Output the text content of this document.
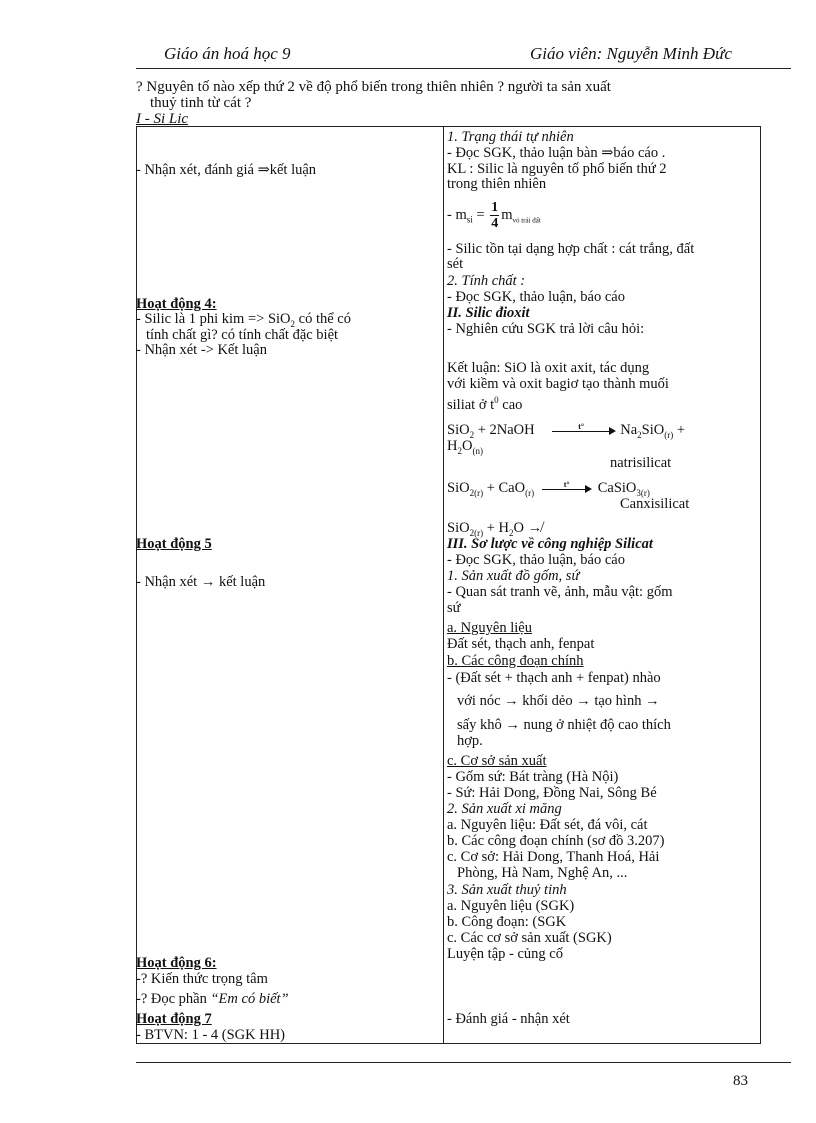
Giáo án hoá học 9	Giáo viên: Nguyễn Minh Đức
? Nguyên tố nào xếp thứ 2 về độ phổ biến trong thiên nhiên ? người ta sản xuất
thuỷ tinh từ cát ?
I - Si Lic
- Nhận xét, đánh giá ⇒kết luận
Hoạt động 4:
- Silic là 1 phi kim => SiO$_2$ có thể có
tính chất gì? có tính chất đặc biệt
- Nhận xét -> Kết luận
Hoạt động 5
- Nhận xét → kết luận
Hoạt động 6:
-? Kiến thức trọng tâm
-? Đọc phần “Em có biết”
Hoạt động 7
- BTVN: 1 - 4 (SGK HH)
1. Trạng thái tự nhiên
- Đọc SGK, thảo luận bàn ⇒báo cáo .
KL : Silic là nguyên tố phổ biến thứ 2
trong thiên nhiên
- $m_{si} = \frac{1}{4} m_{vỏ trái đất}$
- Silic tồn tại dạng hợp chất : cát trắng, đất
sét
2. Tính chất :
- Đọc SGK, thảo luận, báo cáo
II. Silic đioxit
- Nghiên cứu SGK trả lời câu hỏi:
Kết luận: SiO là oxit axit, tác dụng
với kiềm và oxit bagiơ tạo thành muối
siliat ở $t^0$ cao
SiO$_2$ + 2NaOH	t° $Na_2SiO_{(r)}$ +
$H_2O_{(n)}$
natrisilicat
SiO$_{2(r)}$ + CaO$_{(r)}$
t° CaSiO$_{3(r)}$
Canxisilicat
$SiO_{2(r)} + H_2O$ ↛
III. Sơ lược về công nghiệp Silicat
- Đọc SGK, thảo luận, báo cáo
1. Sản xuất đồ gốm, sứ
- Quan sát tranh vẽ, ảnh, mẫu vật: gốm
sứ
a. Nguyên liệu
Đất sét, thạch anh, fenpat
b. Các công đoạn chính
- (Đất sét + thạch anh + fenpat) nhào
với nóc → khối dẻo → tạo hình →
sấy khô → nung ở nhiệt độ cao thích
hợp.
c. Cơ sở sản xuất
- Gốm sứ: Bát tràng (Hà Nội)
- Sứ: Hải Dong, Đồng Nai, Sông Bé
2. Sản xuất xi măng
a. Nguyên liệu: Đất sét, đá vôi, cát
b. Các công đoạn chính (sơ đồ 3.207)
c. Cơ sở: Hải Dong, Thanh Hoá, Hải
Phòng, Hà Nam, Nghệ An, ...
3. Sản xuất thuỷ tinh
a. Nguyên liệu (SGK)
b. Công đoạn: (SGK
c. Các cơ sở sản xuất (SGK)
Luyện tập - củng cố
- Đánh giá - nhận xét
83
